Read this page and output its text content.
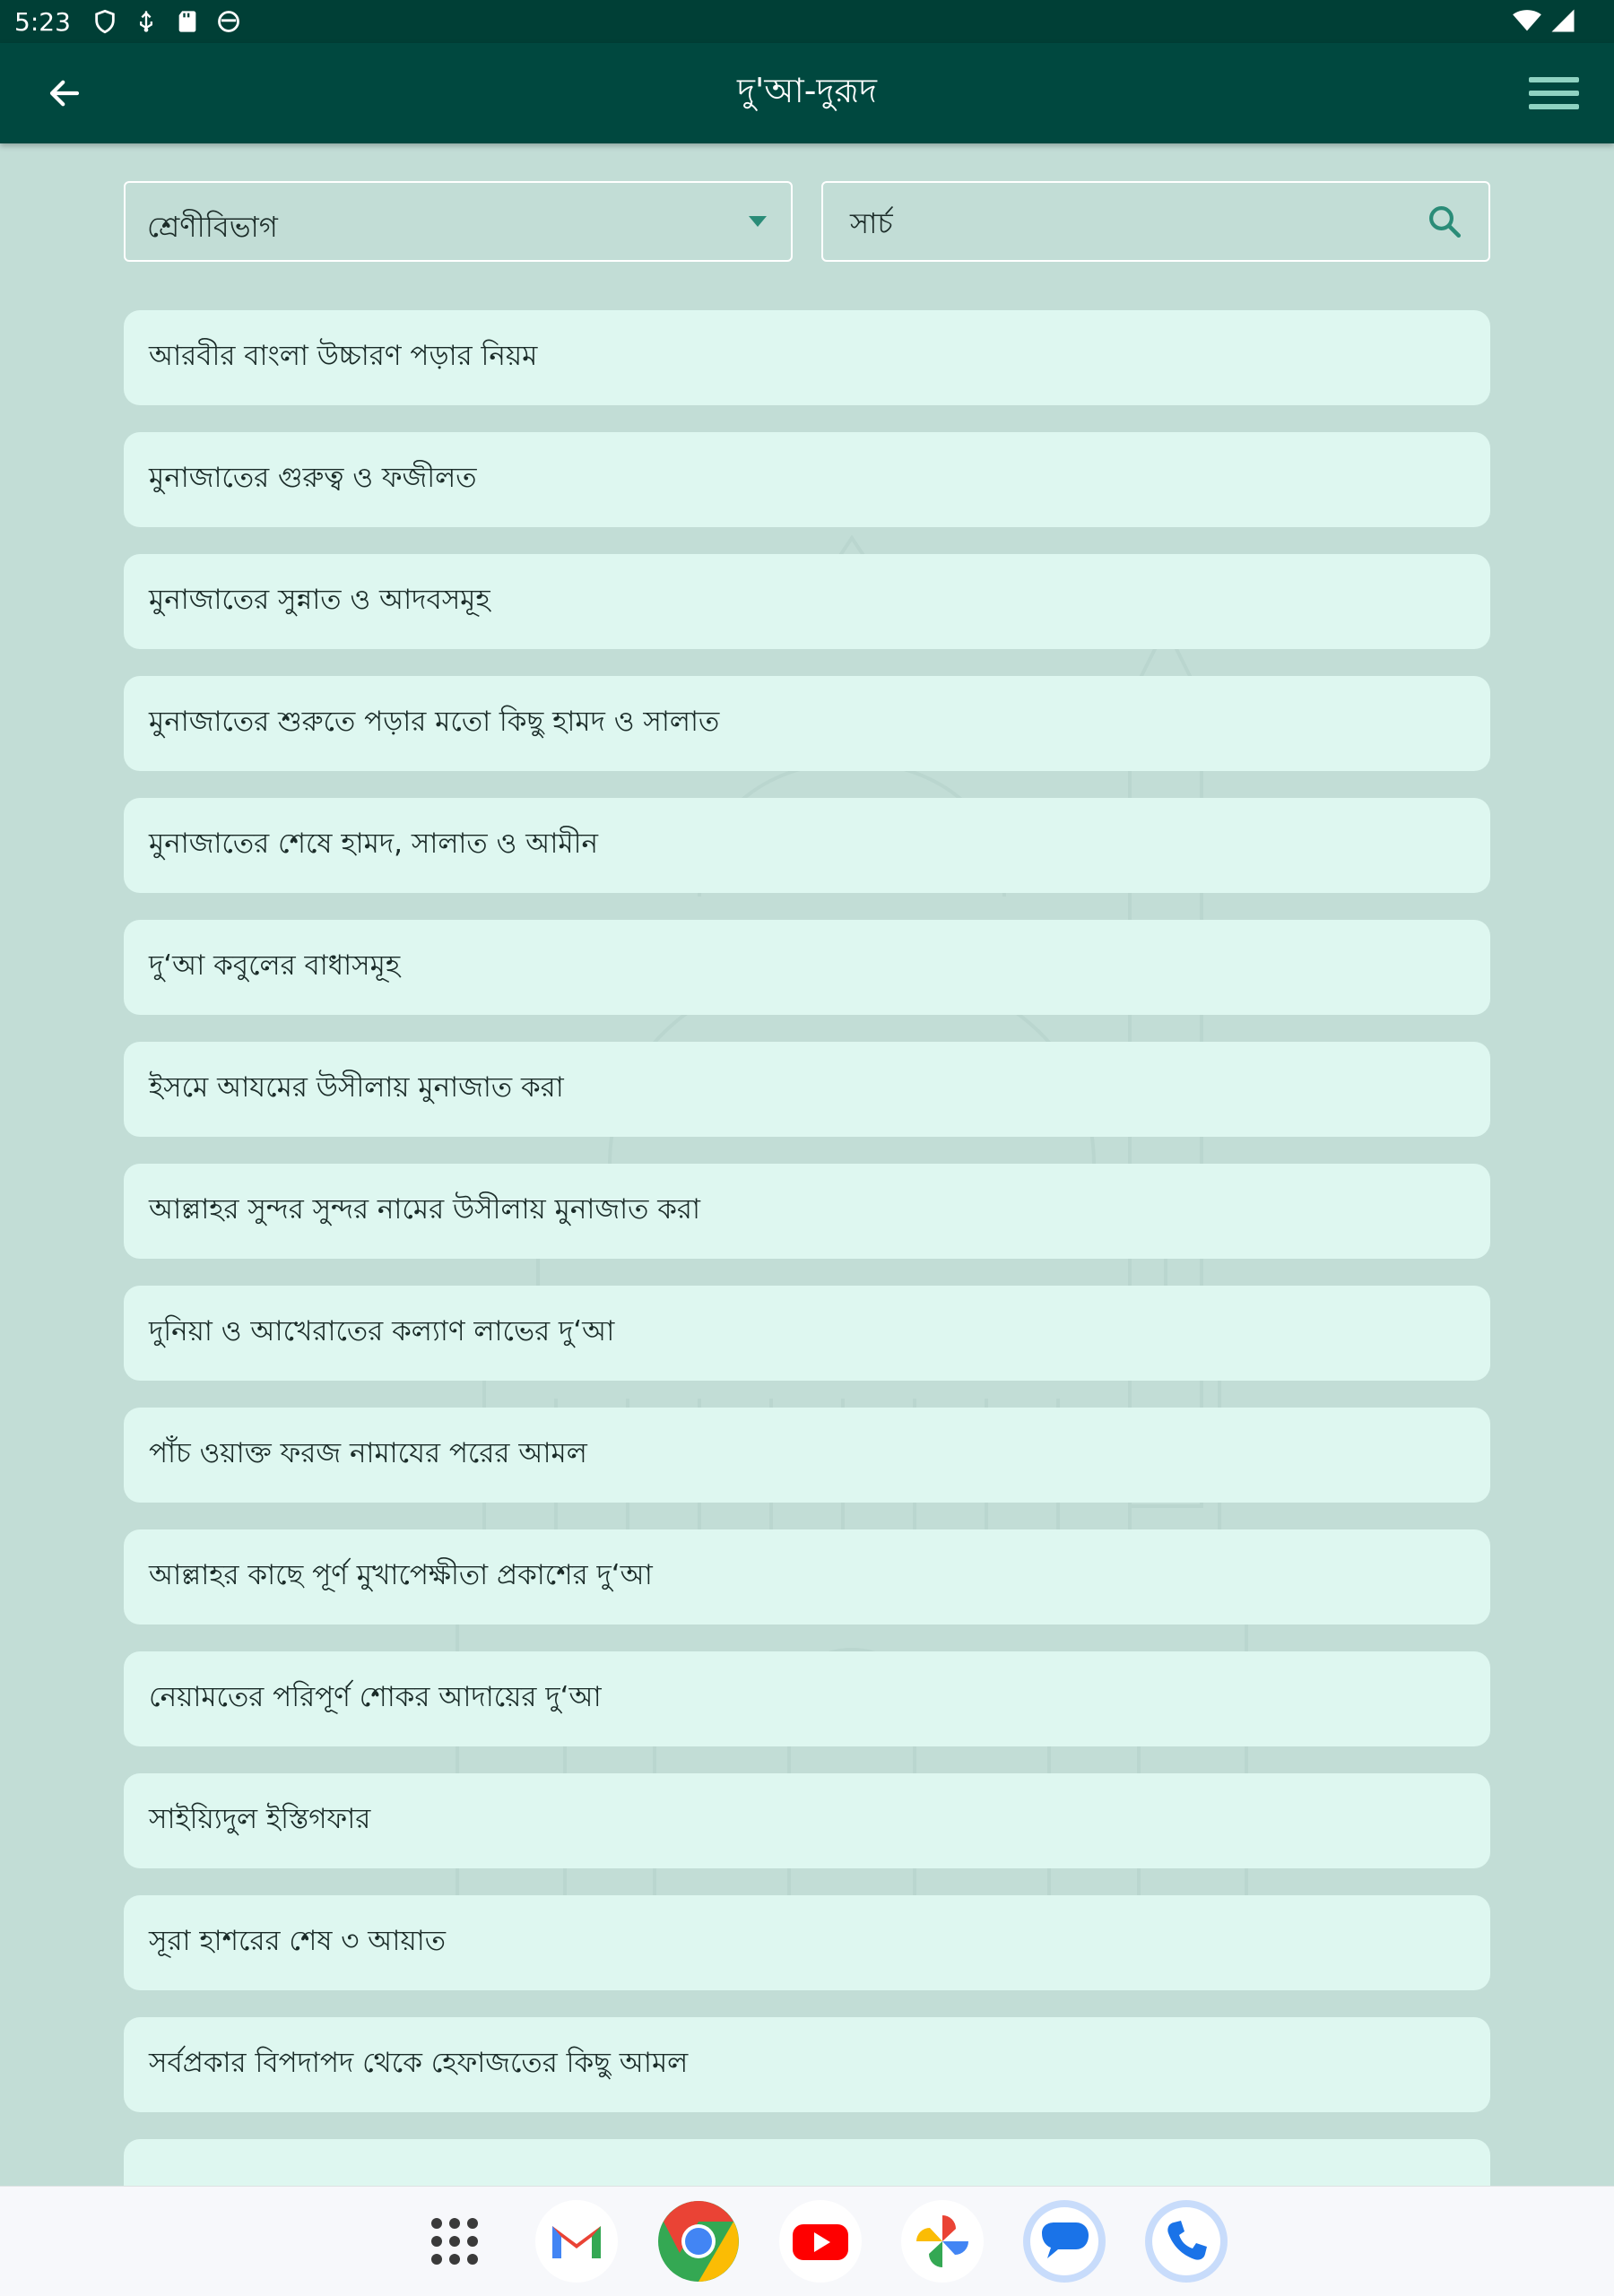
5:23
দু'আ-দুরূদ
শ্রেণীবিভাগ	সার্চ
আরবীর বাংলা উচ্চারণ পড়ার নিয়ম
মুনাজাতের গুরুত্ব ও ফজীলত
মুনাজাতের সুন্নাত ও আদবসমূহ
মুনাজাতের শুরুতে পড়ার মতো কিছু হামদ ও সালাত
মুনাজাতের শেষে হামদ, সালাত ও আমীন
দু‘আ কবুলের বাধাসমূহ
ইসমে আযমের উসীলায় মুনাজাত করা
আল্লাহর সুন্দর সুন্দর নামের উসীলায় মুনাজাত করা
দুনিয়া ও আখেরাতের কল্যাণ লাভের দু‘আ
পাঁচ ওয়াক্ত ফরজ নামাযের পরের আমল
আল্লাহর কাছে পূর্ণ মুখাপেক্ষীতা প্রকাশের দু‘আ
নেয়ামতের পরিপূর্ণ শোকর আদায়ের দু‘আ
সাইয়্যিদুল ইস্তিগফার
সূরা হাশরের শেষ ৩ আয়াত
সর্বপ্রকার বিপদাপদ থেকে হেফাজতের কিছু আমল
